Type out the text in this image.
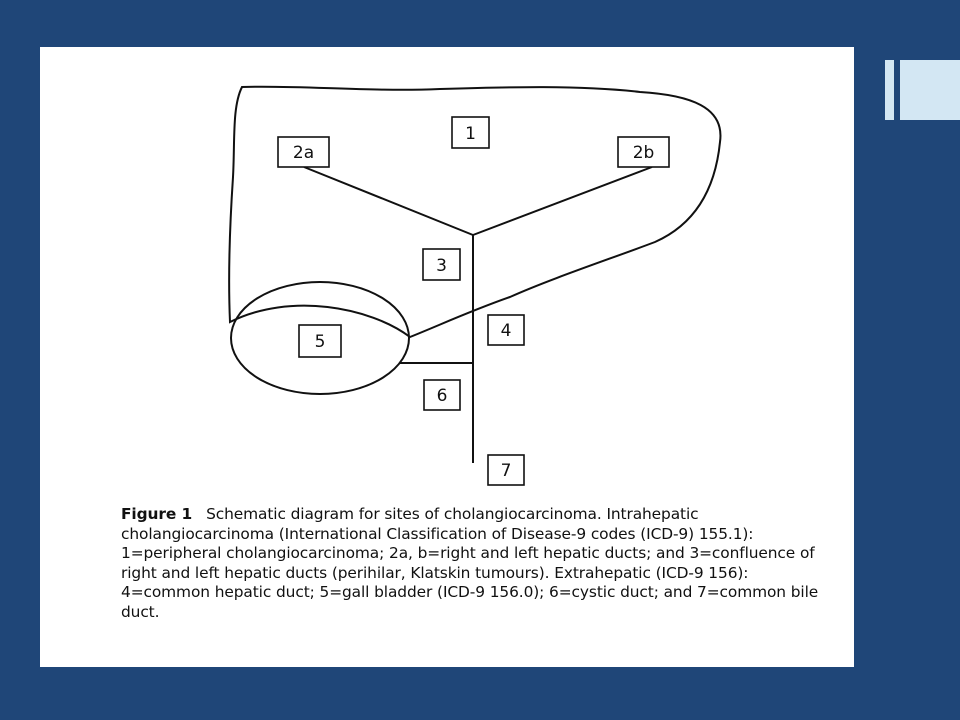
1
2a	2b
3
4
5
6
7
Figure 1 Schematic diagram for sites of cholangiocarcinoma. Intrahepatic cholangiocarcinoma (International Classification of Disease-9 codes (ICD-9) 155.1): 1=peripheral cholangiocarcinoma; 2a, b=right and left hepatic ducts; and 3=confluence of right and left hepatic ducts (perihilar, Klatskin tumours). Extrahepatic (ICD-9 156): 4=common hepatic duct; 5=gall bladder (ICD-9 156.0); 6=cystic duct; and 7=common bile duct.
